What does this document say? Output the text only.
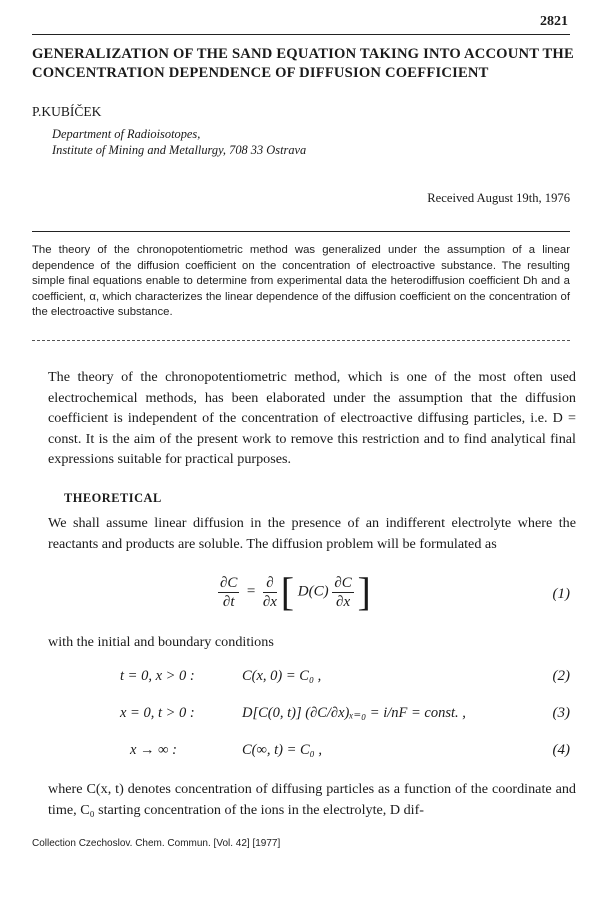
2821
GENERALIZATION OF THE SAND EQUATION TAKING INTO ACCOUNT THE CONCENTRATION DEPENDENCE OF DIFFUSION COEFFICIENT
P.KUBÍČEK
Department of Radioisotopes,
Institute of Mining and Metallurgy, 708 33 Ostrava
Received August 19th, 1976
The theory of the chronopotentiometric method was generalized under the assumption of a linear dependence of the diffusion coefficient on the concentration of electroactive substance. The resulting simple final equations enable to determine from experimental data the heterodiffusion coefficient Dh and a coefficient, α, which characterizes the linear dependence of the diffusion coefficient on the concentration of the electroactive substance.
The theory of the chronopotentiometric method, which is one of the most often used electrochemical methods, has been elaborated under the assumption that the diffusion coefficient is independent of the concentration of electroactive diffusing particles, i.e. D = const. It is the aim of the present work to remove this restriction and to find analytical final expressions suitable for practical purposes.
THEORETICAL
We shall assume linear diffusion in the presence of an indifferent electrolyte where the reactants and products are soluble. The diffusion problem will be formulated as
$\frac{\partial C}{\partial t} = \frac{\partial}{\partial x}$ [ $D(C) \frac{\partial C}{\partial x}$ ]	(1)
with the initial and boundary conditions
t = 0, x > 0 :	C(x, 0) = C₀ ,	(2)
x = 0, t > 0 :	D[C(0, t)] (∂C/∂x)ₓ₌₀ = i/nF = const. ,	(3)
x → ∞ :	C(∞, t) = C₀ ,	(4)
where C(x, t) denotes concentration of diffusing particles as a function of the coordinate and time, C₀ starting concentration of the ions in the electrolyte, D dif-
Collection Czechoslov. Chem. Commun. [Vol. 42] [1977]
